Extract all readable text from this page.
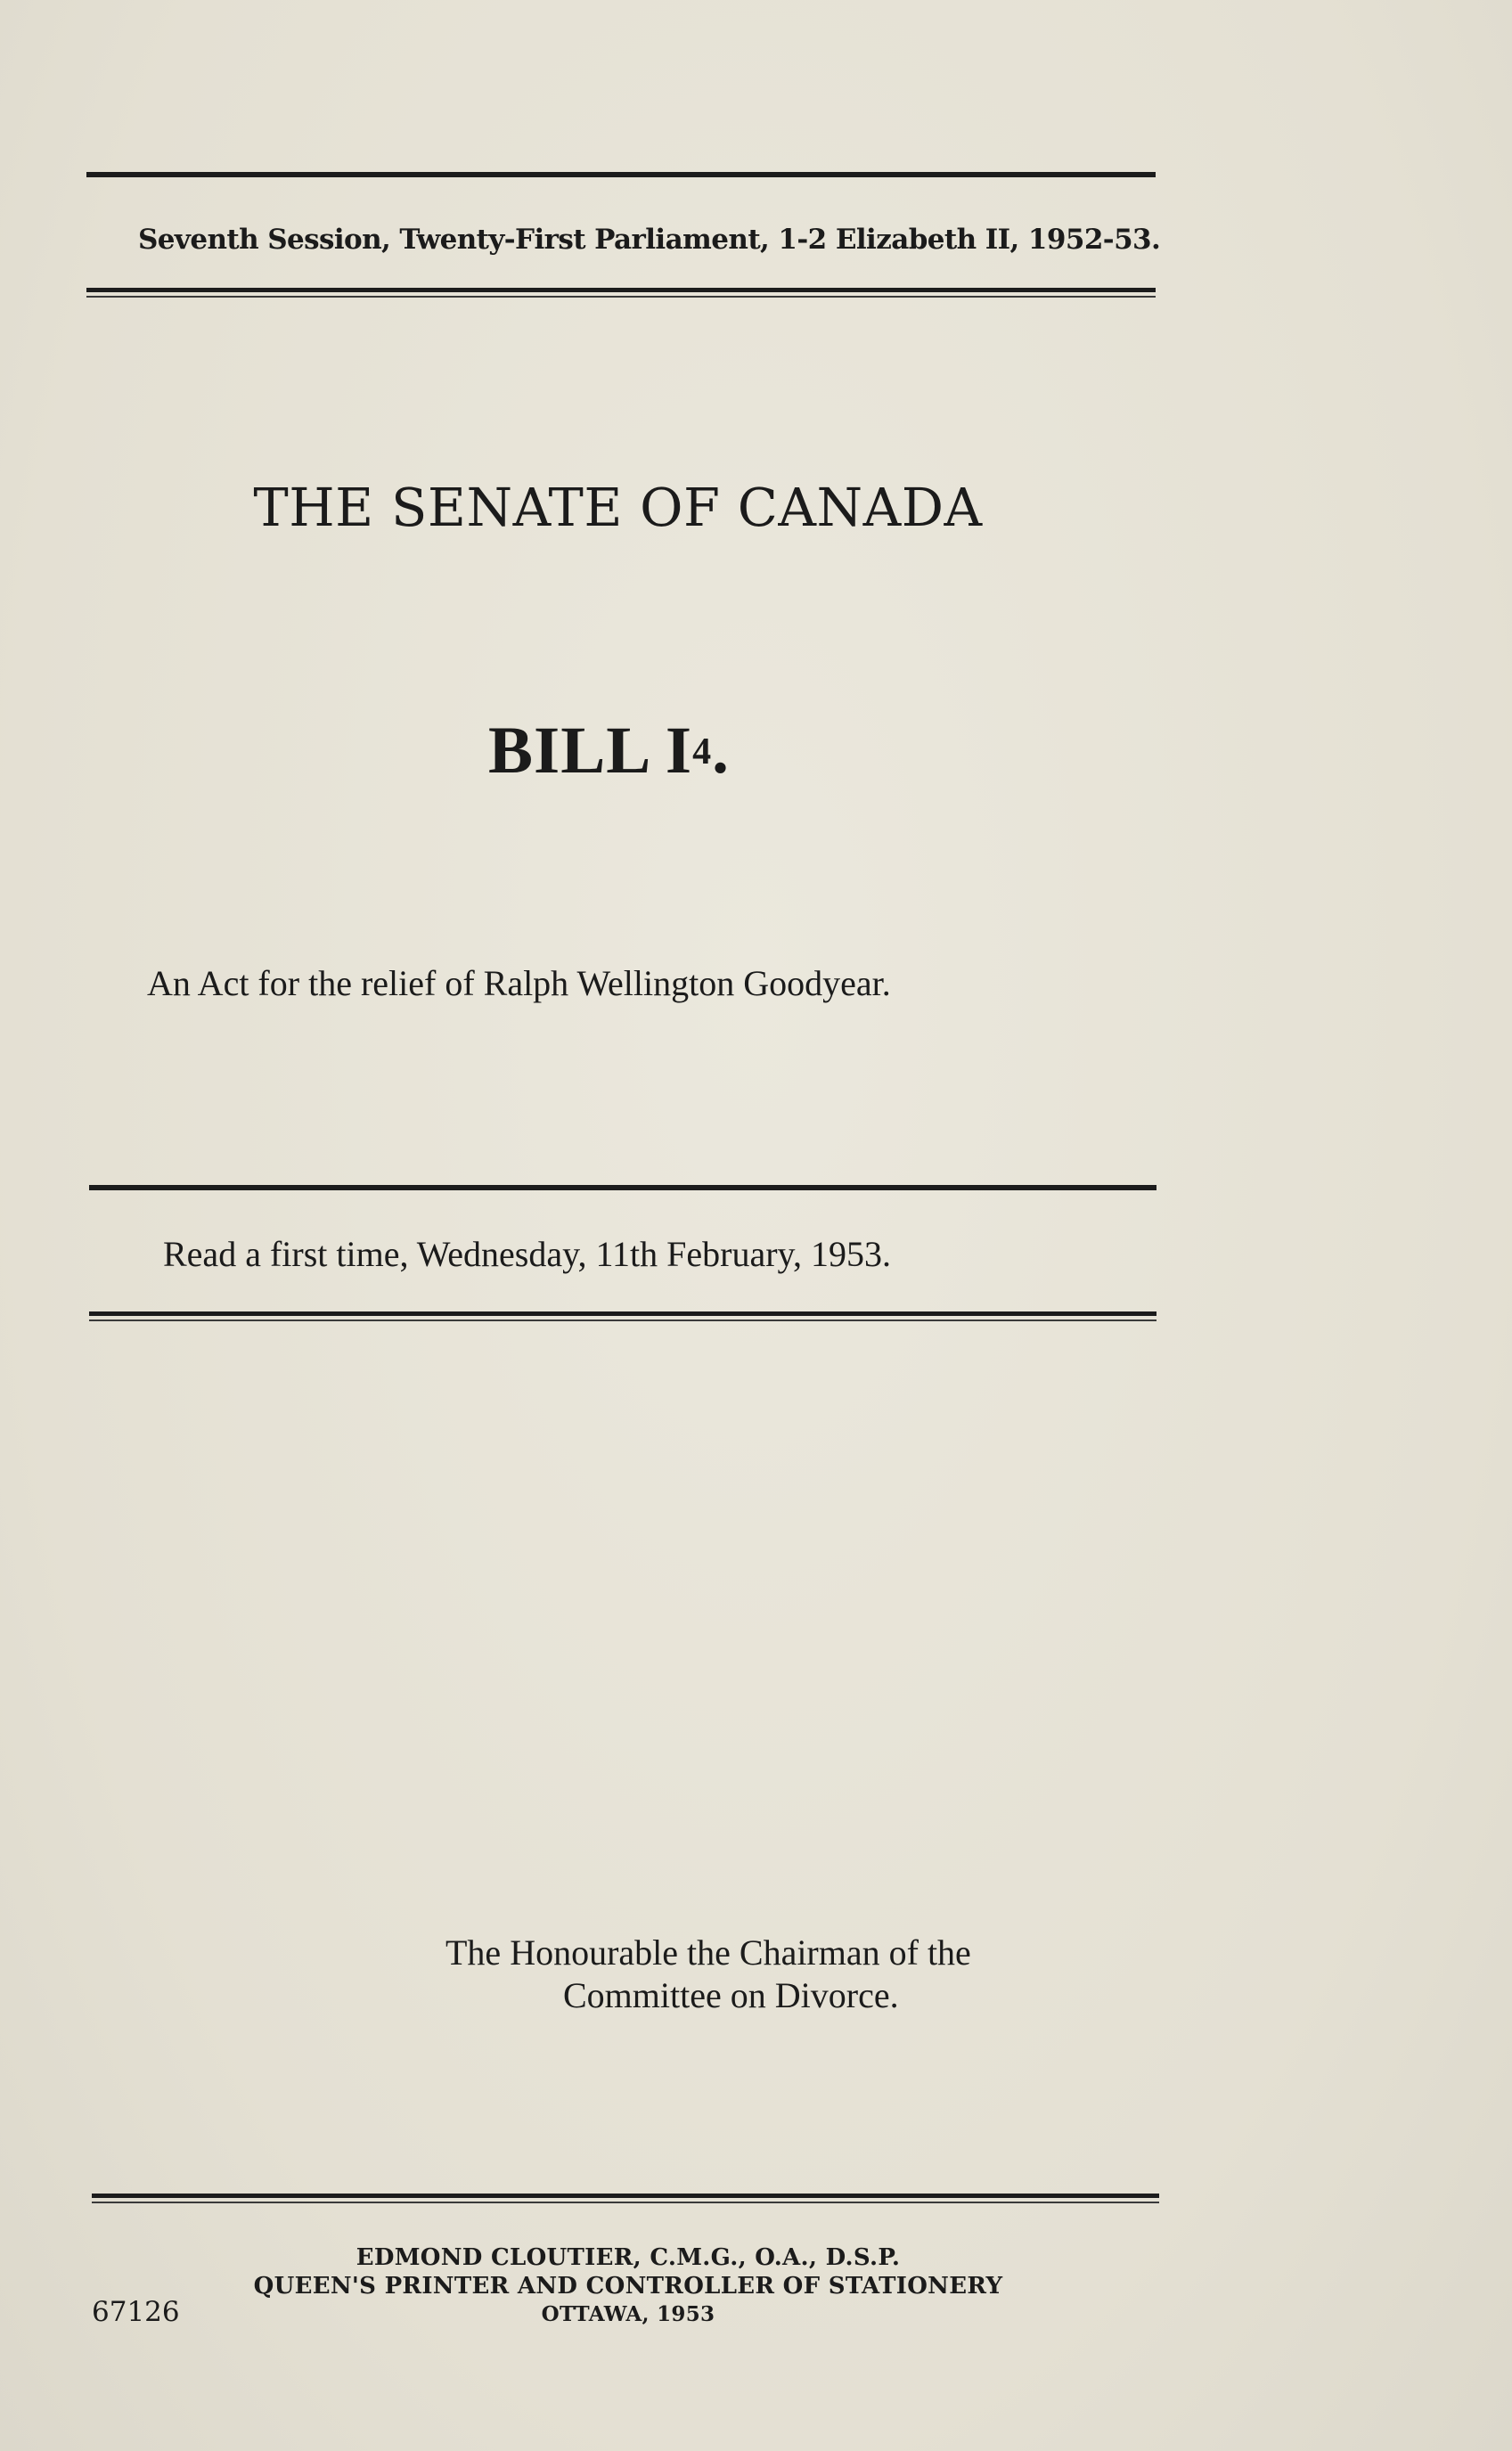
Seventh Session, Twenty-First Parliament, 1-2 Elizabeth II, 1952-53.
THE SENATE OF CANADA
BILL $I^4$.
An Act for the relief of Ralph Wellington Goodyear.
Read a first time, Wednesday, 11th February, 1953.
The Honourable the Chairman of the
Committee on Divorce.
EDMOND CLOUTIER, C.M.G., O.A., D.S.P.
QUEEN'S PRINTER AND CONTROLLER OF STATIONERY
OTTAWA, 1953
67126
